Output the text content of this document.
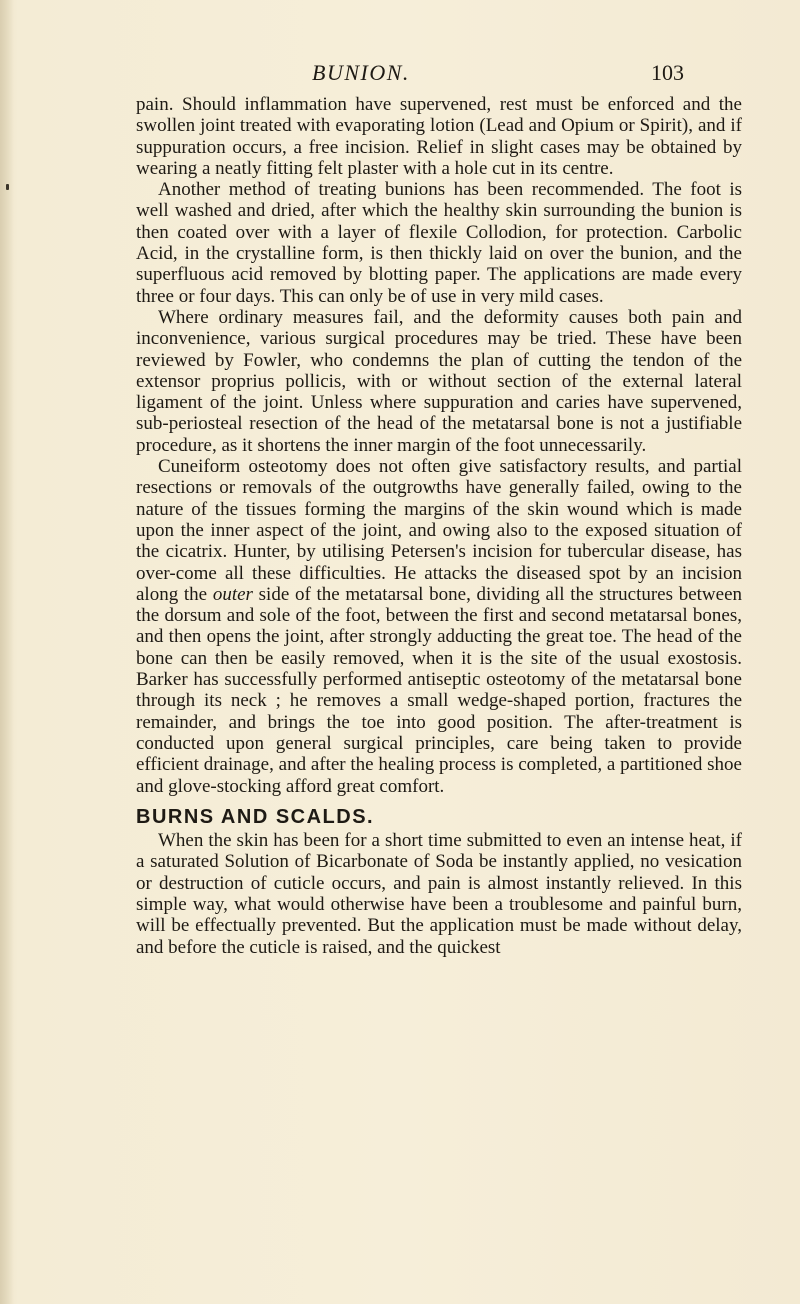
BUNION.	103

pain. Should inflammation have supervened, rest must be enforced and the swollen joint treated with evaporating lotion (Lead and Opium or Spirit), and if suppuration occurs, a free incision. Relief in slight cases may be obtained by wearing a neatly fitting felt plaster with a hole cut in its centre.

Another method of treating bunions has been recommended. The foot is well washed and dried, after which the healthy skin surrounding the bunion is then coated over with a layer of flexile Collodion, for protection. Carbolic Acid, in the crystalline form, is then thickly laid on over the bunion, and the superfluous acid removed by blotting paper. The applications are made every three or four days. This can only be of use in very mild cases.

Where ordinary measures fail, and the deformity causes both pain and inconvenience, various surgical procedures may be tried. These have been reviewed by Fowler, who condemns the plan of cutting the tendon of the extensor proprius pollicis, with or without section of the external lateral ligament of the joint. Unless where suppuration and caries have supervened, sub-periosteal resection of the head of the metatarsal bone is not a justifiable procedure, as it shortens the inner margin of the foot unnecessarily.

Cuneiform osteotomy does not often give satisfactory results, and partial resections or removals of the outgrowths have generally failed, owing to the nature of the tissues forming the margins of the skin wound which is made upon the inner aspect of the joint, and owing also to the exposed situation of the cicatrix. Hunter, by utilising Petersen's incision for tubercular disease, has over-come all these difficulties. He attacks the diseased spot by an incision along the outer side of the metatarsal bone, dividing all the structures between the dorsum and sole of the foot, between the first and second metatarsal bones, and then opens the joint, after strongly adducting the great toe. The head of the bone can then be easily removed, when it is the site of the usual exostosis. Barker has successfully performed antiseptic osteotomy of the metatarsal bone through its neck ; he removes a small wedge-shaped portion, fractures the remainder, and brings the toe into good position. The after-treatment is conducted upon general surgical principles, care being taken to provide efficient drainage, and after the healing process is completed, a partitioned shoe and glove-stocking afford great comfort.

BURNS AND SCALDS.

When the skin has been for a short time submitted to even an intense heat, if a saturated Solution of Bicarbonate of Soda be instantly applied, no vesication or destruction of cuticle occurs, and pain is almost instantly relieved. In this simple way, what would otherwise have been a troublesome and painful burn, will be effectually prevented. But the application must be made without delay, and before the cuticle is raised, and the quickest
